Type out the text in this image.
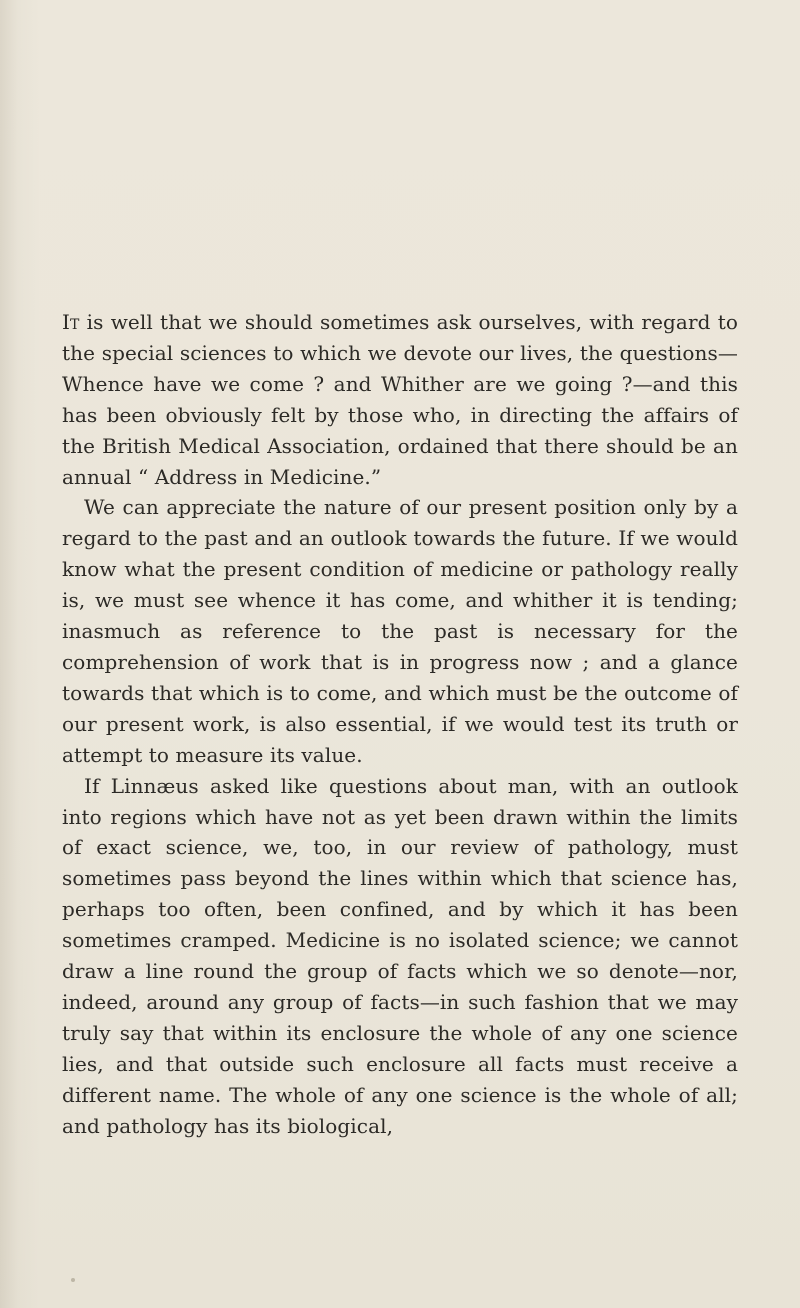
It is well that we should sometimes ask ourselves, with regard to the special sciences to which we devote our lives, the questions—Whence have we come ? and Whither are we going ?—and this has been obviously felt by those who, in directing the affairs of the British Medical Association, ordained that there should be an annual “ Address in Medicine.”

We can appreciate the nature of our present position only by a regard to the past and an outlook towards the future. If we would know what the present condition of medicine or pathology really is, we must see whence it has come, and whither it is tending; inasmuch as reference to the past is necessary for the comprehension of work that is in progress now ; and a glance towards that which is to come, and which must be the outcome of our present work, is also essential, if we would test its truth or attempt to measure its value.

If Linnæus asked like questions about man, with an outlook into regions which have not as yet been drawn within the limits of exact science, we, too, in our review of pathology, must sometimes pass beyond the lines within which that science has, perhaps too often, been confined, and by which it has been sometimes cramped. Medicine is no isolated science; we cannot draw a line round the group of facts which we so denote—nor, indeed, around any group of facts—in such fashion that we may truly say that within its enclosure the whole of any one science lies, and that outside such enclosure all facts must receive a different name. The whole of any one science is the whole of all; and pathology has its biological,
